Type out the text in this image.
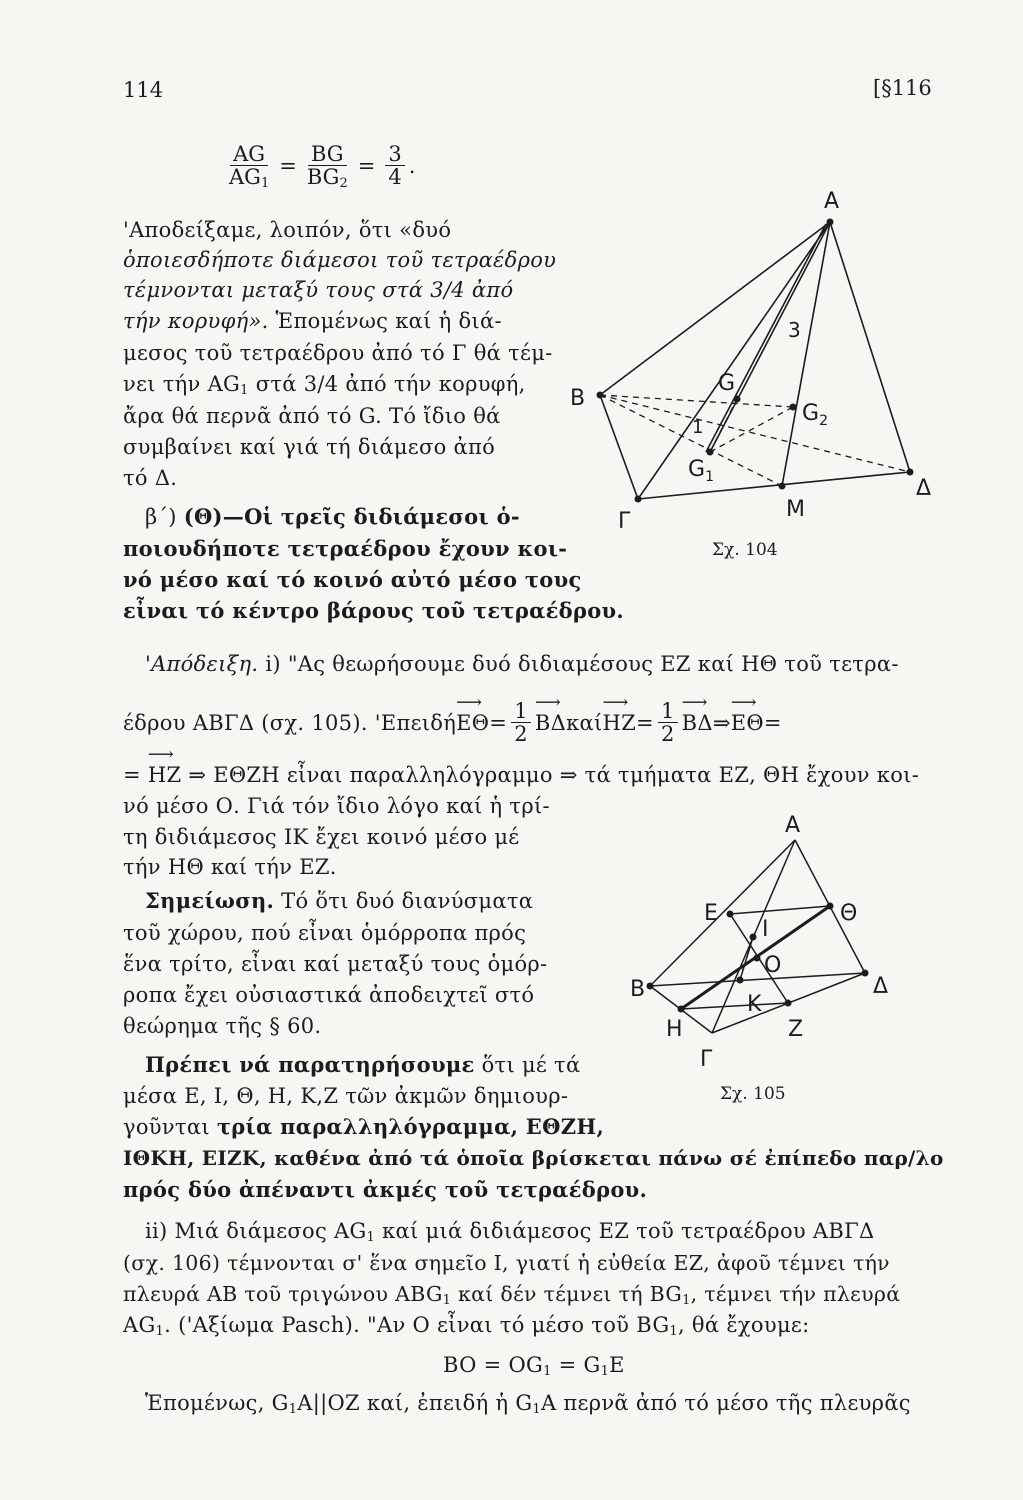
114	[§116
$\frac{AG}{AG_1} = \frac{BG}{BG_2} = \frac{3}{4}$ .
'Αποδείξαμε, λοιπόν, ὅτι «δυό
ὁποιεσδήποτε διάμεσοι τοῦ τετραέδρου
τέμνονται μεταξύ τους στά 3/4 ἀπό
τήν κορυφή». Ἑπομένως καί ἡ διά-
μεσος τοῦ τετραέδρου ἀπό τό Γ θά τέμ-
νει τήν $AG_1$ στά 3/4 ἀπό τήν κορυφή,
ἄρα θά περνᾶ ἀπό τό G. Τό ἴδιο θά
συμβαίνει καί γιά τή διάμεσο ἀπό
τό Δ.
β΄) (Θ)—Οἱ τρεῖς διδιάμεσοι ὁ-
ποιουδήποτε τετραέδρου ἔχουν κοι-
νό μέσο καί τό κοινό αὐτό μέσο τους
εἶναι τό κέντρο βάρους τοῦ τετραέδρου.
'Απόδειξη. i) "Ας θεωρήσουμε δυό διδιαμέσους ΕΖ καί ΗΘ τοῦ τετρα-
έδρου ΑΒΓΔ (σχ. 105). 'Επειδή ⟶ $E\Theta = \frac{1}{2}$ ⟶ ΒΔ καί ⟶ $HZ = \frac{1}{2}$ ⟶ ΒΔ ⇒ ⟶ ΕΘ =
= ⟶ ΗΖ ⇒ ΕΘΖΗ εἶναι παραλληλόγραμμο ⇒ τά τμήματα ΕΖ, ΘΗ ἔχουν κοι-
νό μέσο Ο. Γιά τόν ἴδιο λόγο καί ἡ τρί-
τη διδιάμεσος ΙΚ ἔχει κοινό μέσο μέ
τήν ΗΘ καί τήν ΕΖ.
Σημείωση. Τό ὅτι δυό διανύσματα
τοῦ χώρου, πού εἶναι ὁμόρροπα πρός
ἕνα τρίτο, εἶναι καί μεταξύ τους ὁμόρ-
ροπα ἔχει οὐσιαστικά ἀποδειχτεῖ στό
θεώρημα τῆς § 60.
Πρέπει νά παρατηρήσουμε ὅτι μέ τά
μέσα Ε, Ι, Θ, Η, Κ,Ζ τῶν ἀκμῶν δημιουρ-
γοῦνται τρία παραλληλόγραμμα, ΕΘΖΗ,
ΙΘΚΗ, ΕΙΖΚ, καθένα ἀπό τά ὁποῖα βρίσκεται πάνω σέ ἐπίπεδο παρ/λο
πρός δύο ἀπέναντι ἀκμές τοῦ τετραέδρου.
ii) Μιά διάμεσος $AG_1$ καί μιά διδιάμεσος ΕΖ τοῦ τετραέδρου ΑΒΓΔ
(σχ. 106) τέμνονται σ' ἕνα σημεῖο Ι, γιατί ἡ εὐθεία ΕΖ, ἀφοῦ τέμνει τήν
πλευρά ΑΒ τοῦ τριγώνου $ABG_1$ καί δέν τέμνει τή $BG_1$, τέμνει τήν πλευρά
$AG_1$. ('Αξίωμα Pasch). "Αν Ο εἶναι τό μέσο τοῦ $BG_1$, θά ἔχουμε:
BO = $OG_1 = G_1E$
Ἑπομένως, $G_1A||OZ$ καί, ἐπειδή ἡ $G_1A$ περνᾶ ἀπό τό μέσο τῆς πλευρᾶς
A
B
G
$G_2$
$G_1$	Δ
M
Γ
3
1
Σχ. 104
A
E
I
Θ
O
B	Δ
K
H	Z
Γ
Σχ. 105
